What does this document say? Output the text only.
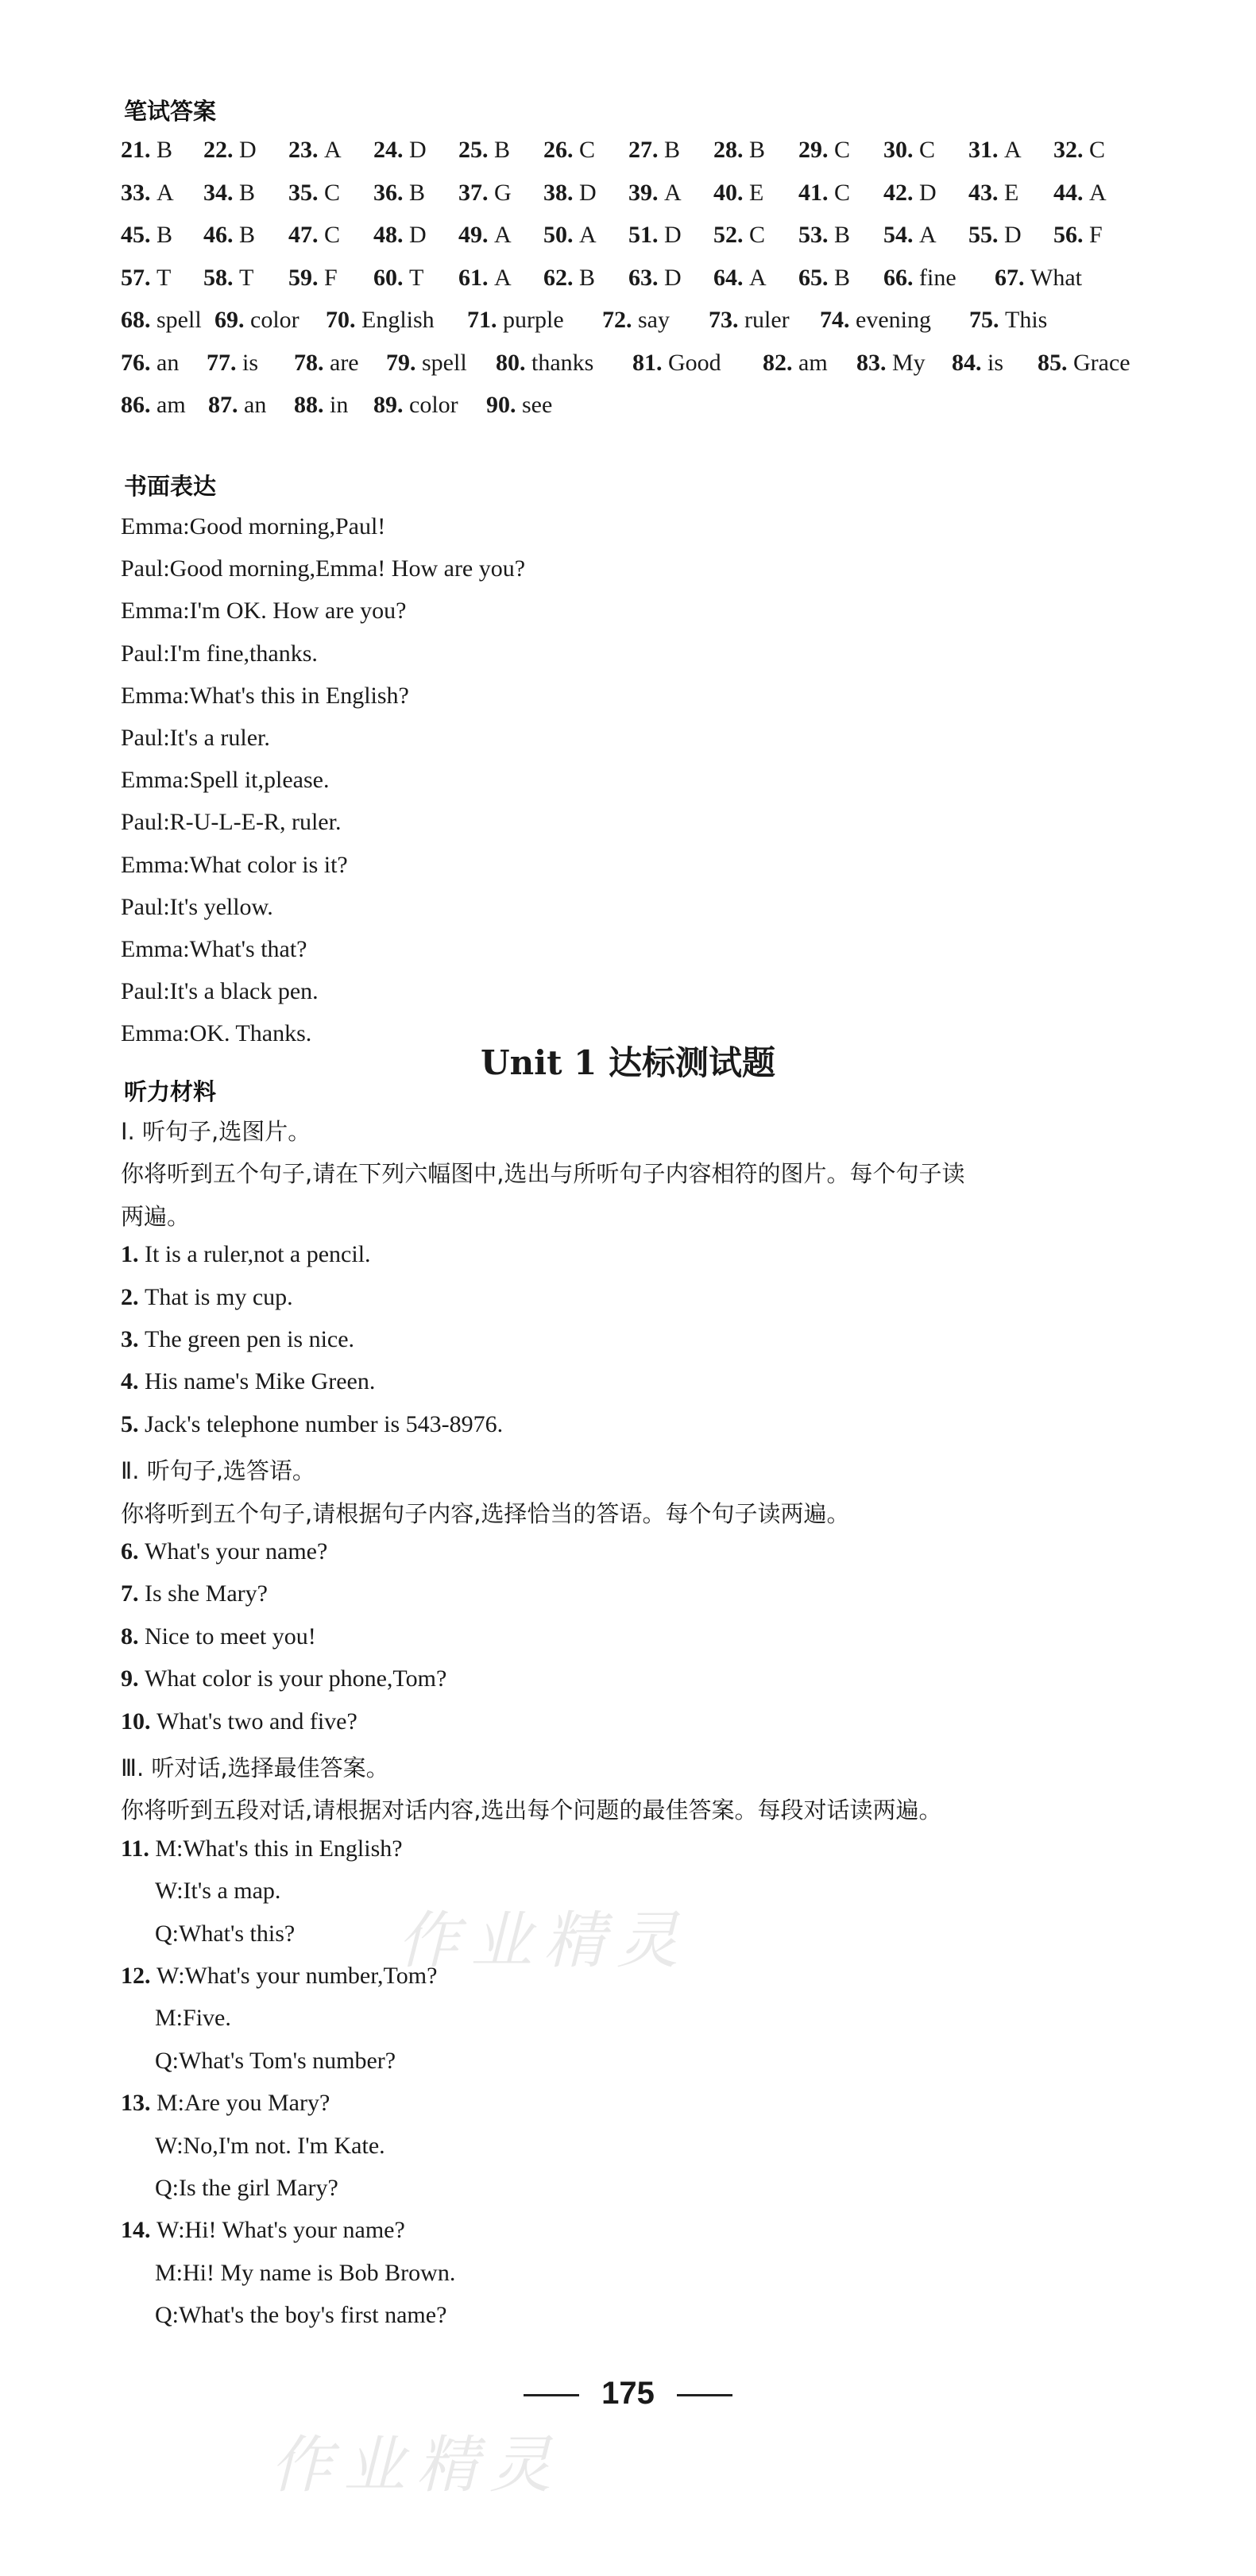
笔试答案
21. B 22. D 23. A 24. D 25. B 26. C 27. B 28. B 29. C 30. C 31. A 32. C
33. A 34. B 35. C 36. B 37. G 38. D 39. A 40. E 41. C 42. D 43. E 44. A
45. B 46. B 47. C 48. D 49. A 50. A 51. D 52. C 53. B 54. A 55. D 56. F
57. T 58. T 59. F 60. T 61. A 62. B 63. D 64. A 65. B 66. fine 67. What
68. spell 69. color 70. English 71. purple 72. say 73. ruler 74. evening 75. This
76. an 77. is 78. are 79. spell 80. thanks 81. Good 82. am 83. My 84. is 85. Grace
86. am 87. an 88. in 89. color 90. see
书面表达
Emma:Good morning,Paul!
Paul:Good morning,Emma! How are you?
Emma:I'm OK. How are you?
Paul:I'm fine,thanks.
Emma:What's this in English?
Paul:It's a ruler.
Emma:Spell it,please.
Paul:R-U-L-E-R, ruler.
Emma:What color is it?
Paul:It's yellow.
Emma:What's that?
Paul:It's a black pen.
Emma:OK. Thanks.
Unit 1 达标测试题
听力材料
Ⅰ. 听句子,选图片。
你将听到五个句子,请在下列六幅图中,选出与所听句子内容相符的图片。每个句子读
两遍。
1. It is a ruler,not a pencil.
2. That is my cup.
3. The green pen is nice.
4. His name's Mike Green.
5. Jack's telephone number is 543-8976.
Ⅱ. 听句子,选答语。
你将听到五个句子,请根据句子内容,选择恰当的答语。每个句子读两遍。
6. What's your name?
7. Is she Mary?
8. Nice to meet you!
9. What color is your phone,Tom?
10. What's two and five?
Ⅲ. 听对话,选择最佳答案。
你将听到五段对话,请根据对话内容,选出每个问题的最佳答案。每段对话读两遍。
11. M:What's this in English?
W:It's a map.
Q:What's this?
12. W:What's your number,Tom?
M:Five.
Q:What's Tom's number?
13. M:Are you Mary?
W:No,I'm not. I'm Kate.
Q:Is the girl Mary?
14. W:Hi! What's your name?
M:Hi! My name is Bob Brown.
Q:What's the boy's first name?
作业精灵
作业精灵
175
